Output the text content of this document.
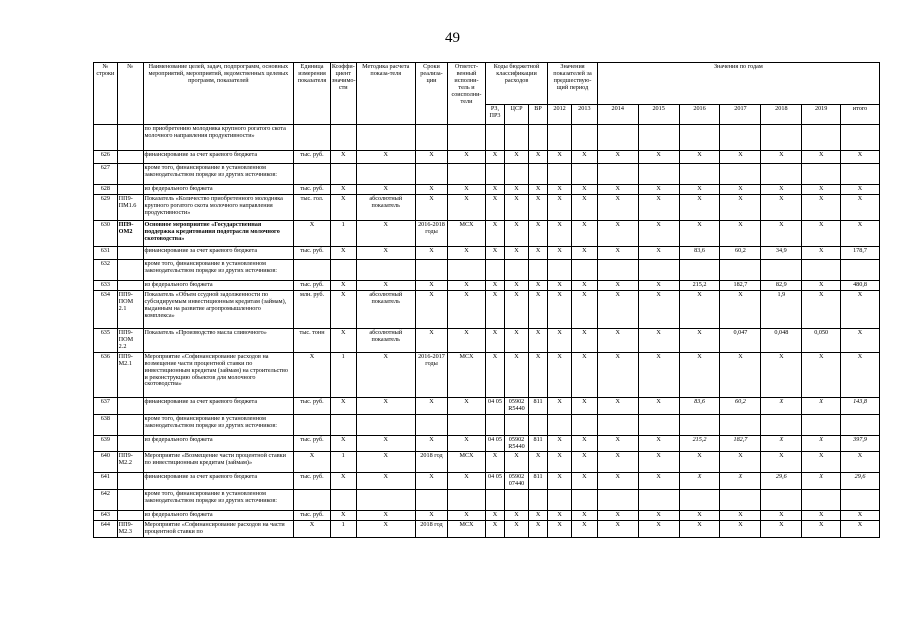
49
№ строки	№	Наименование целей, задач, подпрограмм, основных мероприятий, мероприятий, ведомственных целевых программ, показателей	Единица измерения показателя	Коэффи-циент значимо-сти	Методика расчета показа-теля	Сроки реализа-ции	Ответст-венный исполни-тель и соисполни-тели	Коды бюджетной классификации расходов			Значения показателей за предшествую-щий период		Значения по годам						
								РЗ, ПР3	ЦСР	ВР	2012	2013	2014	2015	2016	2017	2018	2019	итого
		по приобретению молодняка крупного рогатого скота молочного направления продуктивности»																	
626		финансирование за счет краевого бюджета	тыс. руб.	X	X	X	X	X	X	X	X	X	X	X	X	X	X	X	X
627		кроме того, финансирование в установленном законодательством порядке из других источников:																	
628		из федерального бюджета	тыс. руб.	X	X	X	X	X	X	X	X	X	X	X	X	X	X	X	X
629	ПП9-ПМ1.6	Показатель «Количество приобретенного молодняка крупного рогатого скота молочного направления продуктивности»	тыс. гол.	X	абсолютный показатель	X	X	X	X	X	X	X	X	X	X	X	X	X	X
630	ПП9-ОМ2	Основное мероприятие «Государственная поддержка кредитования подотрасли молочного скотоводства»	X	1	X	2016-2018 годы	МСХ	X	X	X	X	X	X	X	X	X	X	X	X
631		финансирование за счет краевого бюджета	тыс. руб.	X	X	X	X	X	X	X	X	X	X	X	83,6	60,2	34,9	X	178,7
632		кроме того, финансирование в установленном законодательством порядке из других источников:																	
633		из федерального бюджета	тыс. руб.	X	X	X	X	X	X	X	X	X	X	X	215,2	182,7	82,9	X	480,8
634	ПП9-ПОМ 2.1	Показатель «Объем ссудной задолженности по субсидируемым инвестиционным кредитам (займам), выданным на развитие агропромышленного комплекса»	млн. руб.	X	абсолютный показатель	X	X	X	X	X	X	X	X	X	X	X	1,9	X	X
635	ПП9-ПОМ 2.2	Показатель «Производство масла сливочного»	тыс. тонн	X	абсолютный показатель	X	X	X	X	X	X	X	X	X	X	0,047	0,048	0,050	X
636	ПП9-М2.1	Мероприятие «Софинансирование расходов на возмещение части процентной ставки по инвестиционным кредитам (займам) на строительство и реконструкцию объектов для молочного скотоводства»	X	1	X	2016-2017 годы	МСХ	X	X	X	X	X	X	X	X	X	X	X	X
637		финансирование за счет краевого бюджета	тыс. руб.	X	X	X	X	04 05	05902 R5440	811	X	X	X	X	83,6	60,2	X	X	143,8
638		кроме того, финансирование в установленном законодательством порядке из других источников:																	
639		из федерального бюджета	тыс. руб.	X	X	X	X	04 05	05902 R5440	811	X	X	X	X	215,2	182,7	X	X	397,9
640	ПП9-М2.2	Мероприятие «Возмещение части процентной ставки по инвестиционным кредитам (займам)»	X	1	X	2018 год	МСХ	X	X	X	X	X	X	X	X	X	X	X	X
641		финансирование за счет краевого бюджета	тыс. руб.	X	X	X	X	04 05	05902 07440	811	X	X	X	X	X	X	29,6	X	29,6
642		кроме того, финансирование в установленном законодательством порядке из других источников:																	
643		из федерального бюджета	тыс. руб.	X	X	X	X	X	X	X	X	X	X	X	X	X	X	X	X
644	ПП9-М2.3	Мероприятие «Софинансирование расходов на части процентной ставки по	X	1	X	2018 год	МСХ	X	X	X	X	X	X	X	X	X	X	X	X
